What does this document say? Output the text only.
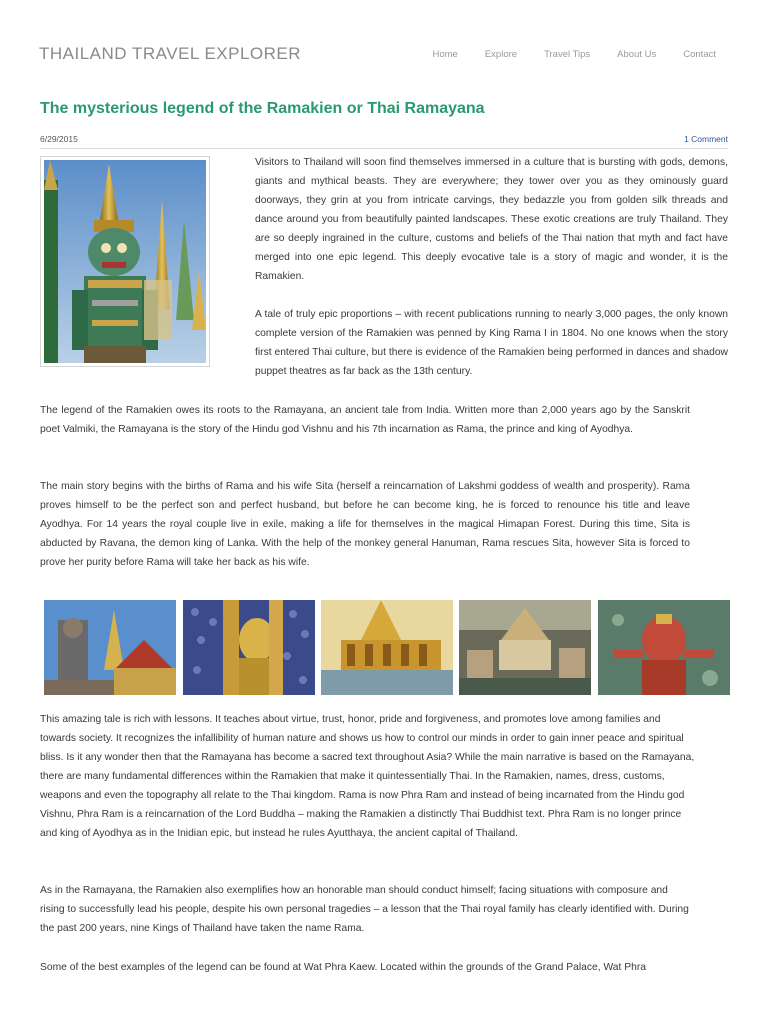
THAILAND TRAVEL EXPLORER	Home	Explore	Travel Tips	About Us	Contact
The mysterious legend of the Ramakien or Thai Ramayana
6/29/2015	1 Comment

Visitors to Thailand will soon find themselves immersed in a culture that is bursting with gods, demons, giants and mythical beasts. They are everywhere; they tower over you as they ominously guard doorways, they grin at you from intricate carvings, they bedazzle you from golden silk threads and dance around you from beautifully painted landscapes. These exotic creations are truly Thailand. They are so deeply ingrained in the culture, customs and beliefs of the Thai nation that myth and fact have merged into one epic legend. This deeply evocative tale is a story of magic and wonder, it is the Ramakien.

A tale of truly epic proportions – with recent publications running to nearly 3,000 pages, the only known complete version of the Ramakien was penned by King Rama I in 1804. No one knows when the story first entered Thai culture, but there is evidence of the Ramakien being performed in dances and shadow puppet theatres as far back as the 13th century.

The legend of the Ramakien owes its roots to the Ramayana, an ancient tale from India. Written more than 2,000 years ago by the Sanskrit poet Valmiki, the Ramayana is the story of the Hindu god Vishnu and his 7th incarnation as Rama, the prince and king of Ayodhya.

The main story begins with the births of Rama and his wife Sita (herself a reincarnation of Lakshmi goddess of wealth and prosperity). Rama proves himself to be the perfect son and perfect husband, but before he can become king, he is forced to renounce his title and leave Ayodhya. For 14 years the royal couple live in exile, making a life for themselves in the magical Himapan Forest. During this time, Sita is abducted by Ravana, the demon king of Lanka. With the help of the monkey general Hanuman, Rama rescues Sita, however Sita is forced to prove her purity before Rama will take her back as his wife.

This amazing tale is rich with lessons. It teaches about virtue, trust, honor, pride and forgiveness, and promotes love among families and towards society. It recognizes the infallibility of human nature and shows us how to control our minds in order to gain inner peace and spiritual bliss. Is it any wonder then that the Ramayana has become a sacred text throughout Asia? While the main narrative is based on the Ramayana, there are many fundamental differences within the Ramakien that make it quintessentially Thai. In the Ramakien, names, dress, customs, weapons and even the topography all relate to the Thai kingdom. Rama is now Phra Ram and instead of being incarnated from the Hindu god Vishnu, Phra Ram is a reincarnation of the Lord Buddha – making the Ramakien a distinctly Thai Buddhist text. Phra Ram is no longer prince and king of Ayodhya as in the Inidian epic, but instead he rules Ayutthaya, the ancient capital of Thailand.

As in the Ramayana, the Ramakien also exemplifies how an honorable man should conduct himself; facing situations with composure and rising to successfully lead his people, despite his own personal tragedies – a lesson that the Thai royal family has clearly identified with. During the past 200 years, nine Kings of Thailand have taken the name Rama.

Some of the best examples of the legend can be found at Wat Phra Kaew. Located within the grounds of the Grand Palace, Wat Phra
